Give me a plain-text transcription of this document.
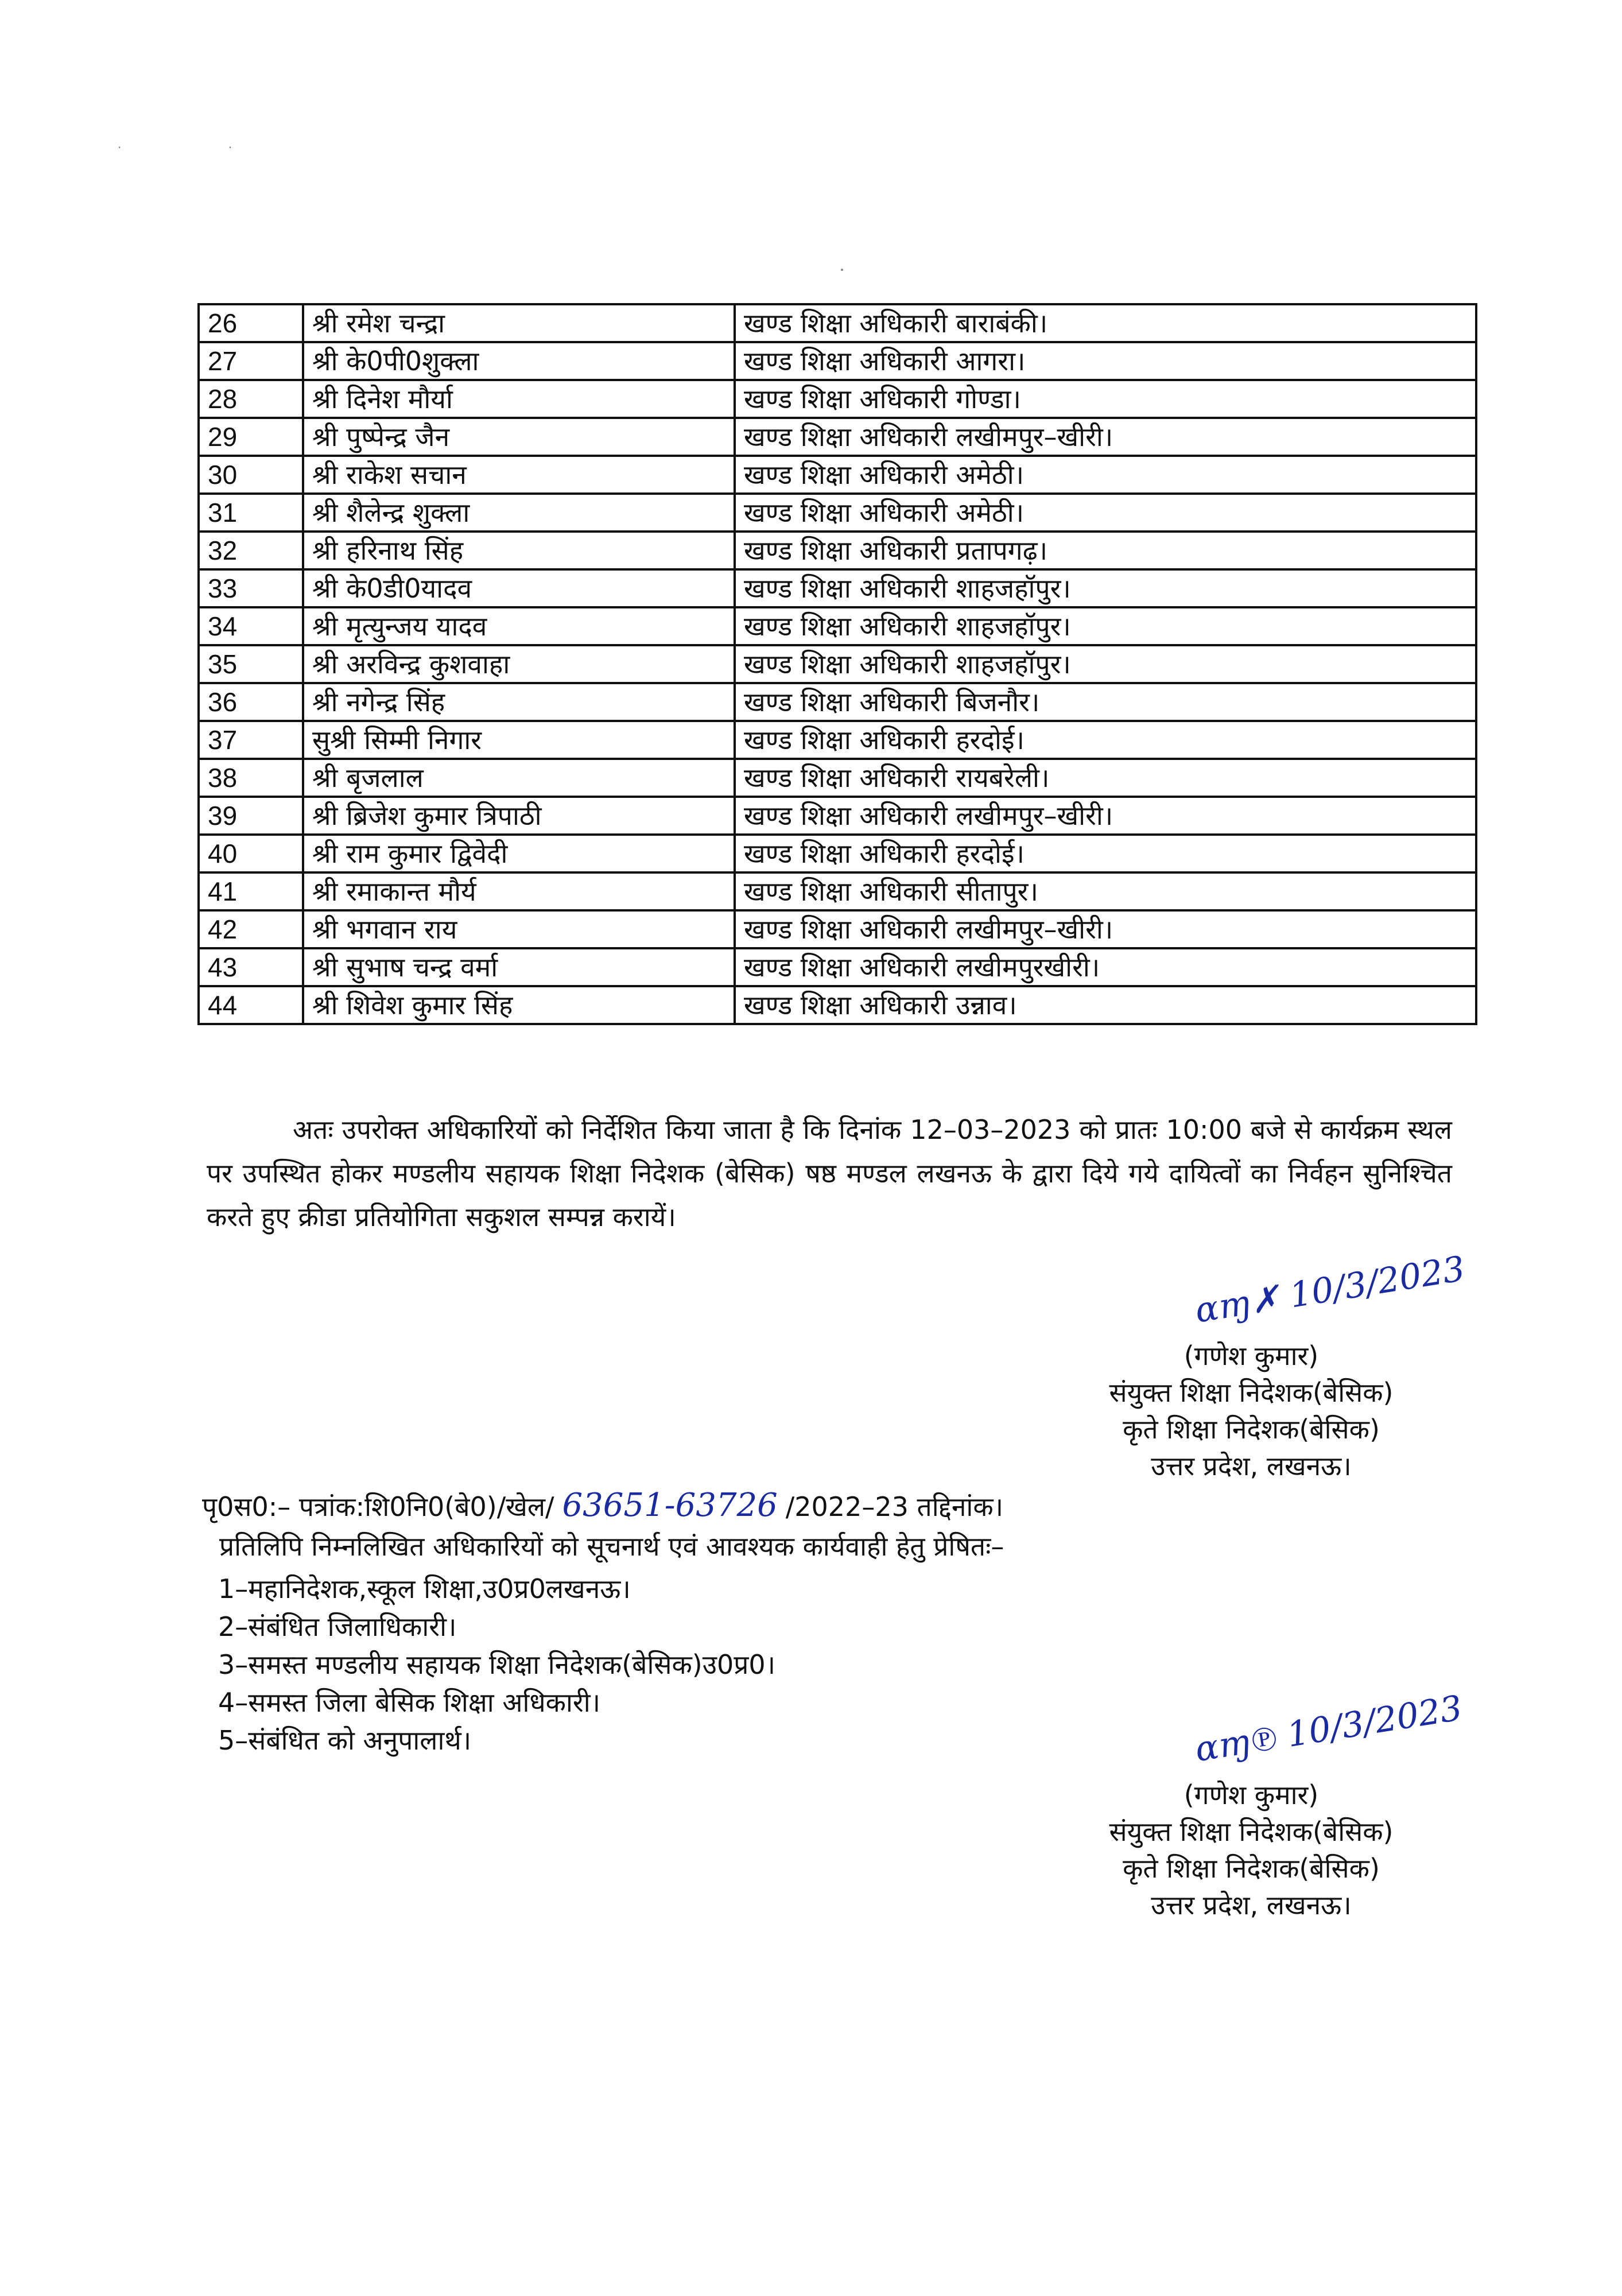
· ·
26	श्री रमेश चन्द्रा	खण्ड शिक्षा अधिकारी बाराबंकी।
27	श्री के0पी0शुक्ला	खण्ड शिक्षा अधिकारी आगरा।
28	श्री दिनेश मौर्या	खण्ड शिक्षा अधिकारी गोण्डा।
29	श्री पुष्पेन्द्र जैन	खण्ड शिक्षा अधिकारी लखीमपुर–खीरी।
30	श्री राकेश सचान	खण्ड शिक्षा अधिकारी अमेठी।
31	श्री शैलेन्द्र शुक्ला	खण्ड शिक्षा अधिकारी अमेठी।
32	श्री हरिनाथ सिंह	खण्ड शिक्षा अधिकारी प्रतापगढ़।
33	श्री के0डी0यादव	खण्ड शिक्षा अधिकारी शाहजहॉपुर।
34	श्री मृत्युन्जय यादव	खण्ड शिक्षा अधिकारी शाहजहॉपुर।
35	श्री अरविन्द्र कुशवाहा	खण्ड शिक्षा अधिकारी शाहजहॉपुर।
36	श्री नगेन्द्र सिंह	खण्ड शिक्षा अधिकारी बिजनौर।
37	सुश्री सिम्मी निगार	खण्ड शिक्षा अधिकारी हरदोई।
38	श्री बृजलाल	खण्ड शिक्षा अधिकारी रायबरेली।
39	श्री ब्रिजेश कुमार त्रिपाठी	खण्ड शिक्षा अधिकारी लखीमपुर–खीरी।
40	श्री राम कुमार द्विवेदी	खण्ड शिक्षा अधिकारी हरदोई।
41	श्री रमाकान्त मौर्य	खण्ड शिक्षा अधिकारी सीतापुर।
42	श्री भगवान राय	खण्ड शिक्षा अधिकारी लखीमपुर–खीरी।
43	श्री सुभाष चन्द्र वर्मा	खण्ड शिक्षा अधिकारी लखीमपुरखीरी।
44	श्री शिवेश कुमार सिंह	खण्ड शिक्षा अधिकारी उन्नाव।
अतः उपरोक्त अधिकारियों को निर्देशित किया जाता है कि दिनांक 12–03–2023 को प्रातः 10:00 बजे से कार्यक्रम स्थल पर उपस्थित होकर मण्डलीय सहायक शिक्षा निदेशक (बेसिक) षष्ठ मण्डल लखनऊ के द्वारा दिये गये दायित्वों का निर्वहन सुनिश्चित करते हुए क्रीडा प्रतियोगिता सकुशल सम्पन्न करायें।
ɑɱ✗ 10/3/2023
(गणेश कुमार)
संयुक्त शिक्षा निदेशक(बेसिक)
कृते शिक्षा निदेशक(बेसिक)
उत्तर प्रदेश, लखनऊ।
पृ0स0:– पत्रांक:शि0नि0(बे0)/खेल/ 63651-63726 /2022–23 तद्दिनांक।
प्रतिलिपि निम्नलिखित अधिकारियों को सूचनार्थ एवं आवश्यक कार्यवाही हेतु प्रेषितः–
1–महानिदेशक,स्कूल शिक्षा,उ0प्र0लखनऊ।
2–संबंधित जिलाधिकारी।
3–समस्त मण्डलीय सहायक शिक्षा निदेशक(बेसिक)उ0प्र0।
4–समस्त जिला बेसिक शिक्षा अधिकारी।
5–संबंधित को अनुपालार्थ।	ɑɱ℗ 10/3/2023
(गणेश कुमार)
संयुक्त शिक्षा निदेशक(बेसिक)
कृते शिक्षा निदेशक(बेसिक)
उत्तर प्रदेश, लखनऊ।
